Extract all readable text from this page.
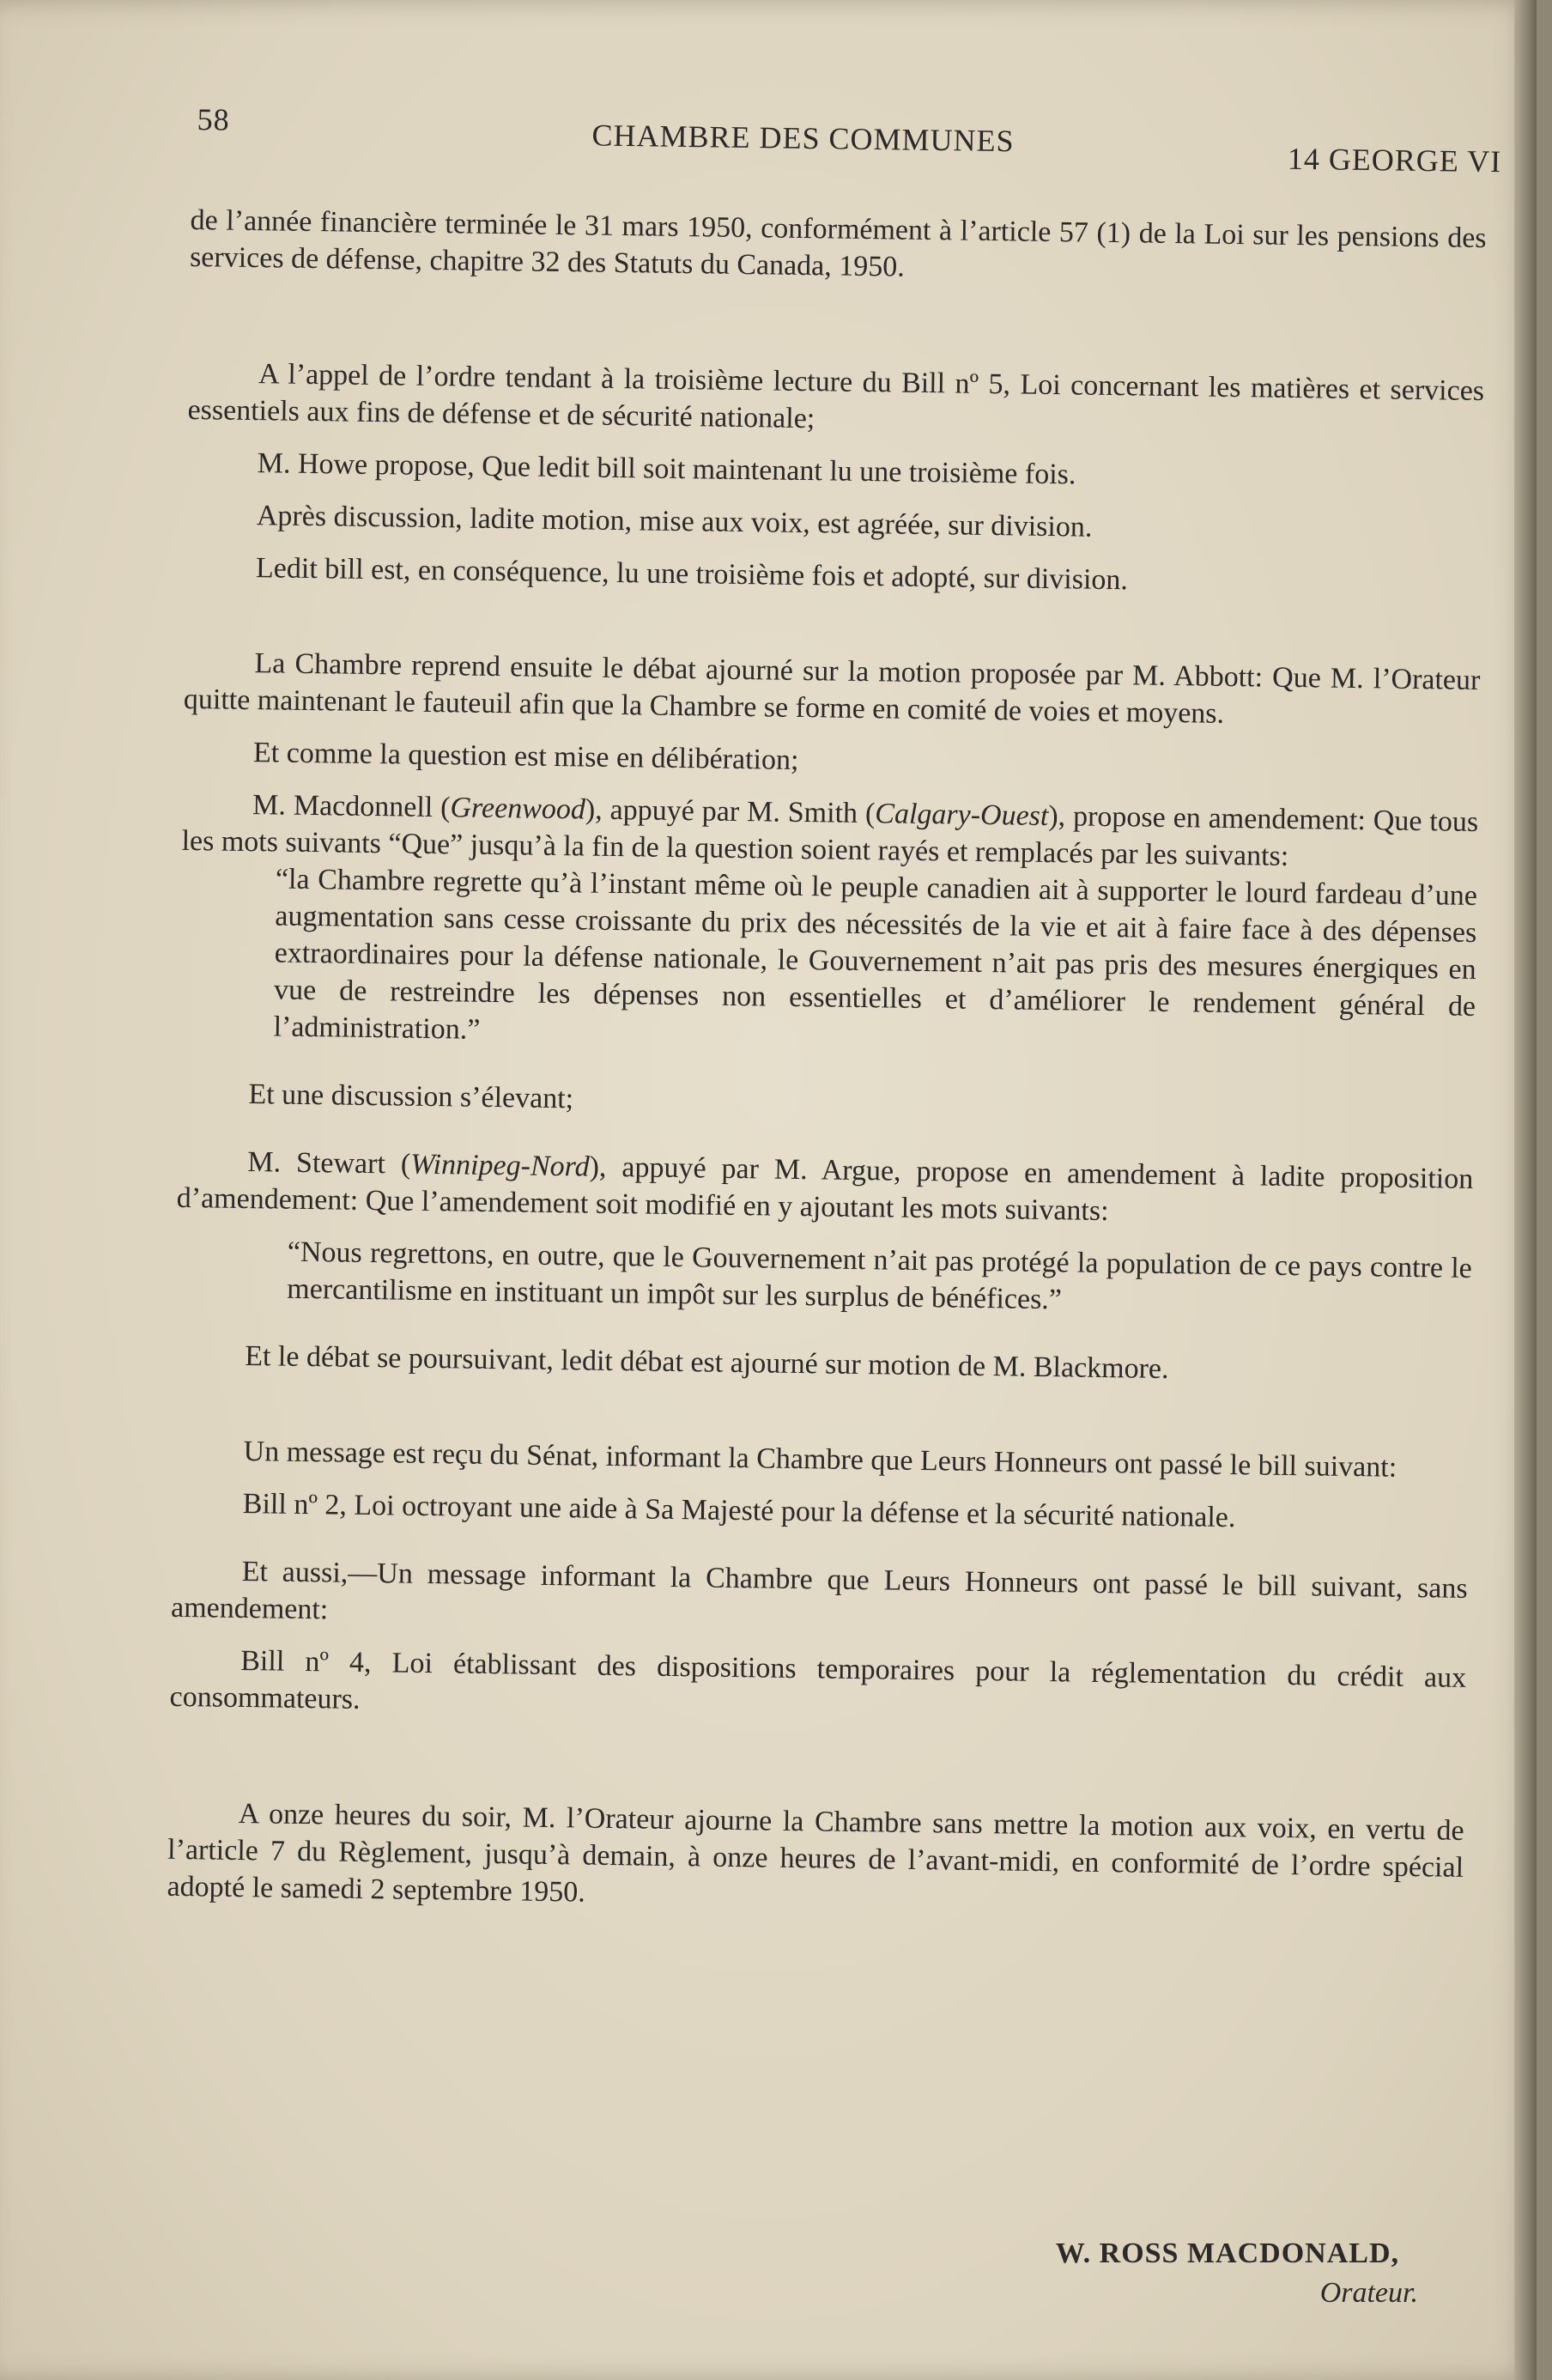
58	CHAMBRE DES COMMUNES
14 GEORGE VI

de l’année financière terminée le 31 mars 1950, conformément à l’article 57 (1) de la Loi sur les pensions des services de défense, chapitre 32 des Statuts du Canada, 1950.

A l’appel de l’ordre tendant à la troisième lecture du Bill nº 5, Loi concernant les matières et services essentiels aux fins de défense et de sécurité nationale;

M. Howe propose, Que ledit bill soit maintenant lu une troisième fois.

Après discussion, ladite motion, mise aux voix, est agréée, sur division.

Ledit bill est, en conséquence, lu une troisième fois et adopté, sur division.

La Chambre reprend ensuite le débat ajourné sur la motion proposée par M. Abbott: Que M. l’Orateur quitte maintenant le fauteuil afin que la Chambre se forme en comité de voies et moyens.

Et comme la question est mise en délibération;

M. Macdonnell (Greenwood), appuyé par M. Smith (Calgary-Ouest), propose en amendement: Que tous les mots suivants “Que” jusqu’à la fin de la question soient rayés et remplacés par les suivants:

“la Chambre regrette qu’à l’instant même où le peuple canadien ait à supporter le lourd fardeau d’une augmentation sans cesse croissante du prix des nécessités de la vie et ait à faire face à des dépenses extraordinaires pour la défense nationale, le Gouvernement n’ait pas pris des mesures énergiques en vue de restreindre les dépenses non essentielles et d’améliorer le rendement général de l’administration.”

Et une discussion s’élevant;

M. Stewart (Winnipeg-Nord), appuyé par M. Argue, propose en amendement à ladite proposition d’amendement: Que l’amendement soit modifié en y ajoutant les mots suivants:

“Nous regrettons, en outre, que le Gouvernement n’ait pas protégé la population de ce pays contre le mercantilisme en instituant un impôt sur les surplus de bénéfices.”

Et le débat se poursuivant, ledit débat est ajourné sur motion de M. Blackmore.

Un message est reçu du Sénat, informant la Chambre que Leurs Honneurs ont passé le bill suivant:

Bill nº 2, Loi octroyant une aide à Sa Majesté pour la défense et la sécurité nationale.

Et aussi,—Un message informant la Chambre que Leurs Honneurs ont passé le bill suivant, sans amendement:

Bill nº 4, Loi établissant des dispositions temporaires pour la réglementation du crédit aux consommateurs.

A onze heures du soir, M. l’Orateur ajourne la Chambre sans mettre la motion aux voix, en vertu de l’article 7 du Règlement, jusqu’à demain, à onze heures de l’avant-midi, en conformité de l’ordre spécial adopté le samedi 2 septembre 1950.

W. ROSS MACDONALD,
Orateur.
